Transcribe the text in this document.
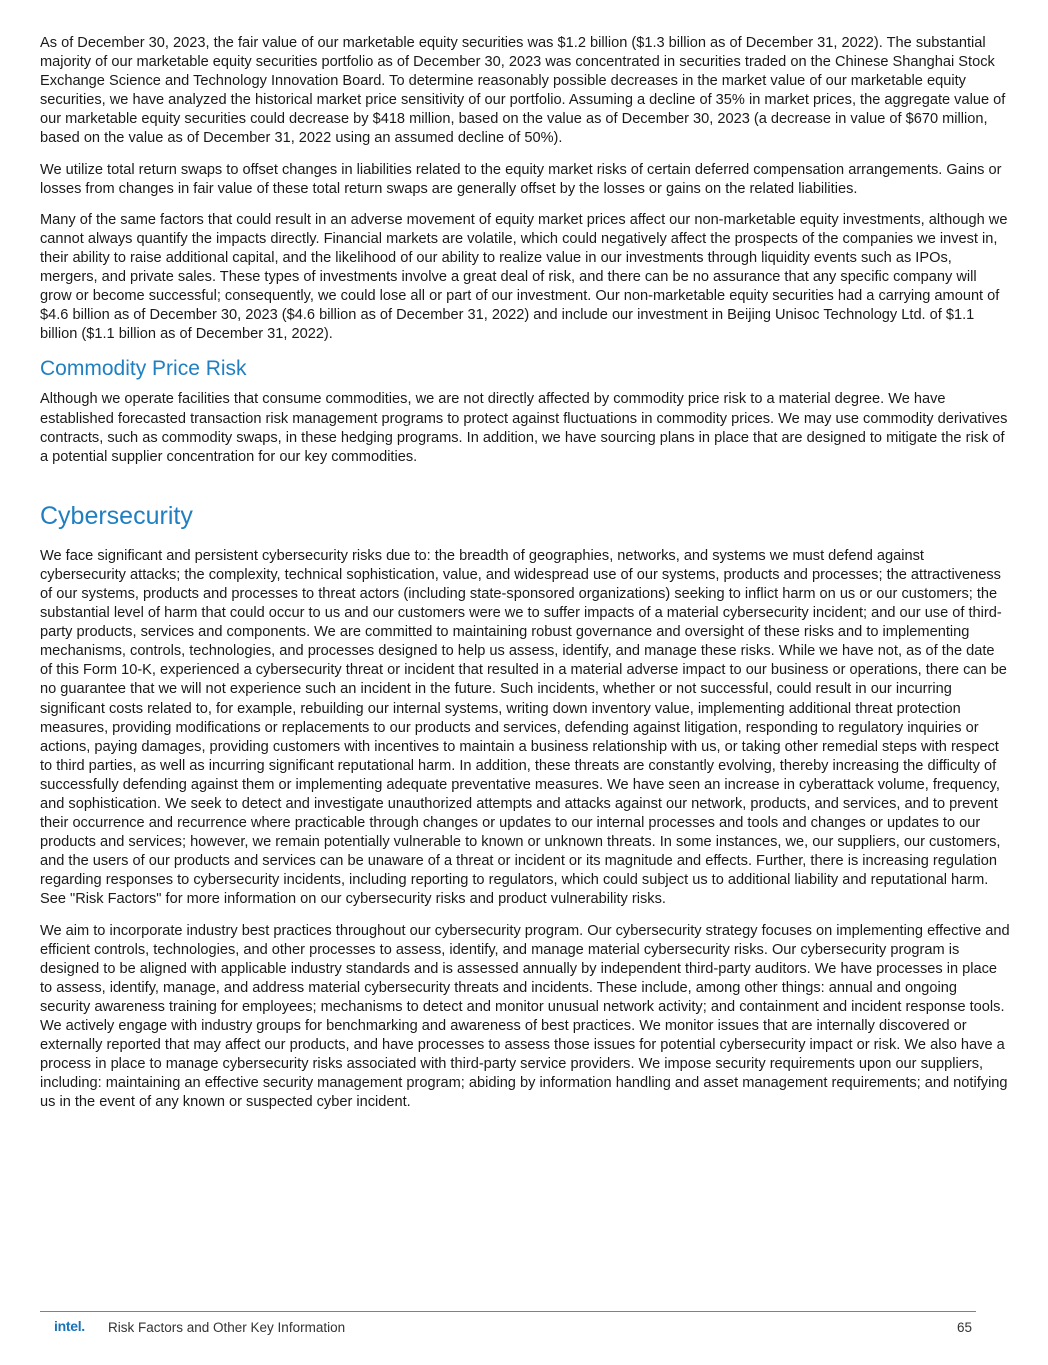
As of December 30, 2023, the fair value of our marketable equity securities was $1.2 billion ($1.3 billion as of December 31, 2022). The substantial majority of our marketable equity securities portfolio as of December 30, 2023 was concentrated in securities traded on the Chinese Shanghai Stock Exchange Science and Technology Innovation Board. To determine reasonably possible decreases in the market value of our marketable equity securities, we have analyzed the historical market price sensitivity of our portfolio. Assuming a decline of 35% in market prices, the aggregate value of our marketable equity securities could decrease by $418 million, based on the value as of December 30, 2023 (a decrease in value of $670 million, based on the value as of December 31, 2022 using an assumed decline of 50%).

We utilize total return swaps to offset changes in liabilities related to the equity market risks of certain deferred compensation arrangements. Gains or losses from changes in fair value of these total return swaps are generally offset by the losses or gains on the related liabilities.

Many of the same factors that could result in an adverse movement of equity market prices affect our non-marketable equity investments, although we cannot always quantify the impacts directly. Financial markets are volatile, which could negatively affect the prospects of the companies we invest in, their ability to raise additional capital, and the likelihood of our ability to realize value in our investments through liquidity events such as IPOs, mergers, and private sales. These types of investments involve a great deal of risk, and there can be no assurance that any specific company will grow or become successful; consequently, we could lose all or part of our investment. Our non-marketable equity securities had a carrying amount of $4.6 billion as of December 30, 2023 ($4.6 billion as of December 31, 2022) and include our investment in Beijing Unisoc Technology Ltd. of $1.1 billion ($1.1 billion as of December 31, 2022).

Commodity Price Risk

Although we operate facilities that consume commodities, we are not directly affected by commodity price risk to a material degree. We have established forecasted transaction risk management programs to protect against fluctuations in commodity prices. We may use commodity derivatives contracts, such as commodity swaps, in these hedging programs. In addition, we have sourcing plans in place that are designed to mitigate the risk of a potential supplier concentration for our key commodities.

Cybersecurity

We face significant and persistent cybersecurity risks due to: the breadth of geographies, networks, and systems we must defend against cybersecurity attacks; the complexity, technical sophistication, value, and widespread use of our systems, products and processes; the attractiveness of our systems, products and processes to threat actors (including state-sponsored organizations) seeking to inflict harm on us or our customers; the substantial level of harm that could occur to us and our customers were we to suffer impacts of a material cybersecurity incident; and our use of third-party products, services and components. We are committed to maintaining robust governance and oversight of these risks and to implementing mechanisms, controls, technologies, and processes designed to help us assess, identify, and manage these risks. While we have not, as of the date of this Form 10-K, experienced a cybersecurity threat or incident that resulted in a material adverse impact to our business or operations, there can be no guarantee that we will not experience such an incident in the future. Such incidents, whether or not successful, could result in our incurring significant costs related to, for example, rebuilding our internal systems, writing down inventory value, implementing additional threat protection measures, providing modifications or replacements to our products and services, defending against litigation, responding to regulatory inquiries or actions, paying damages, providing customers with incentives to maintain a business relationship with us, or taking other remedial steps with respect to third parties, as well as incurring significant reputational harm. In addition, these threats are constantly evolving, thereby increasing the difficulty of successfully defending against them or implementing adequate preventative measures. We have seen an increase in cyberattack volume, frequency, and sophistication. We seek to detect and investigate unauthorized attempts and attacks against our network, products, and services, and to prevent their occurrence and recurrence where practicable through changes or updates to our internal processes and tools and changes or updates to our products and services; however, we remain potentially vulnerable to known or unknown threats. In some instances, we, our suppliers, our customers, and the users of our products and services can be unaware of a threat or incident or its magnitude and effects. Further, there is increasing regulation regarding responses to cybersecurity incidents, including reporting to regulators, which could subject us to additional liability and reputational harm. See "Risk Factors" for more information on our cybersecurity risks and product vulnerability risks.

We aim to incorporate industry best practices throughout our cybersecurity program. Our cybersecurity strategy focuses on implementing effective and efficient controls, technologies, and other processes to assess, identify, and manage material cybersecurity risks. Our cybersecurity program is designed to be aligned with applicable industry standards and is assessed annually by independent third-party auditors. We have processes in place to assess, identify, manage, and address material cybersecurity threats and incidents. These include, among other things: annual and ongoing security awareness training for employees; mechanisms to detect and monitor unusual network activity; and containment and incident response tools. We actively engage with industry groups for benchmarking and awareness of best practices. We monitor issues that are internally discovered or externally reported that may affect our products, and have processes to assess those issues for potential cybersecurity impact or risk. We also have a process in place to manage cybersecurity risks associated with third-party service providers. We impose security requirements upon our suppliers, including: maintaining an effective security management program; abiding by information handling and asset management requirements; and notifying us in the event of any known or suspected cyber incident.

intel. Risk Factors and Other Key Information	65
